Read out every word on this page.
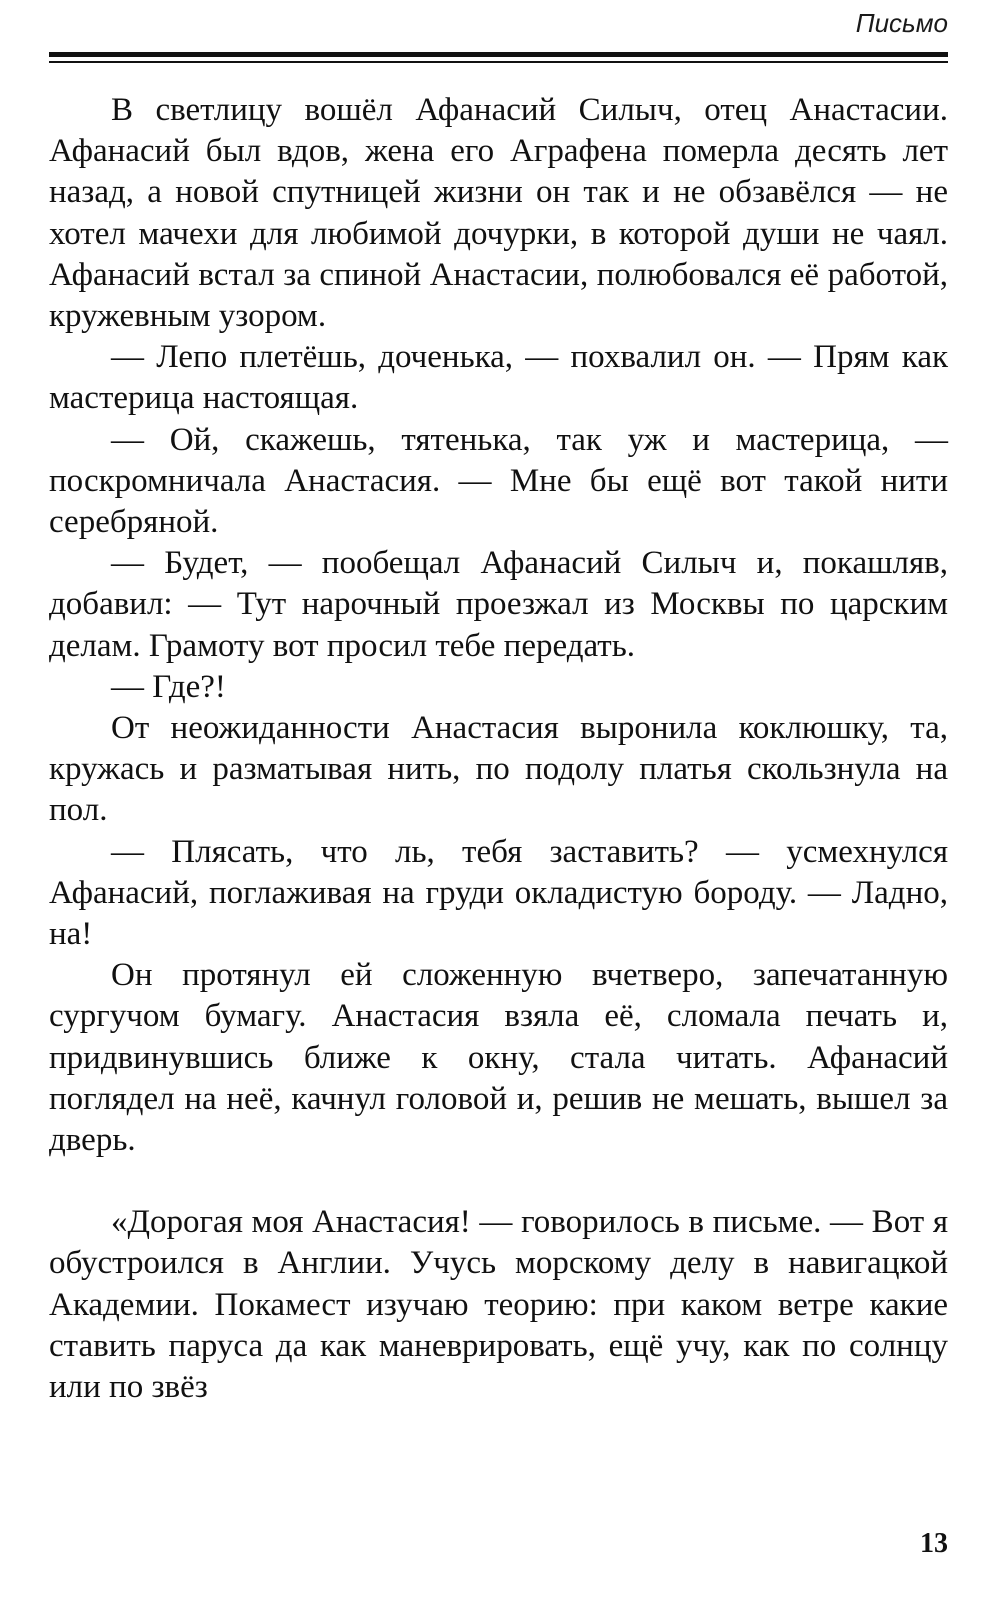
Письмо

В светлицу вошёл Афанасий Силыч, отец Анастасии. Афанасий был вдов, жена его Аграфена померла десять лет назад, а новой спутницей жизни он так и не обзавёлся — не хотел мачехи для любимой дочурки, в которой души не чаял. Афанасий встал за спиной Анастасии, полюбовался её работой, кружевным узором.

— Лепо плетёшь, доченька, — похвалил он. — Прям как мастерица настоящая.

— Ой, скажешь, тятенька, так уж и мастерица, — поскромничала Анастасия. — Мне бы ещё вот такой нити серебряной.

— Будет, — пообещал Афанасий Силыч и, покашляв, добавил: — Тут нарочный проезжал из Москвы по царским делам. Грамоту вот просил тебе передать.

— Где?!

От неожиданности Анастасия выронила коклюшку, та, кружась и разматывая нить, по подолу платья скользнула на пол.

— Плясать, что ль, тебя заставить? — усмехнулся Афанасий, поглаживая на груди окладистую бороду. — Ладно, на!

Он протянул ей сложенную вчетверо, запечатанную сургучом бумагу. Анастасия взяла её, сломала печать и, придвинувшись ближе к окну, стала читать. Афанасий поглядел на неё, качнул головой и, решив не мешать, вышел за дверь.

«Дорогая моя Анастасия! — говорилось в письме. — Вот я обустроился в Англии. Учусь морскому делу в навигацкой Академии. Покамест изучаю теорию: при каком ветре какие ставить паруса да как маневрировать, ещё учу, как по солнцу или по звёз

13
